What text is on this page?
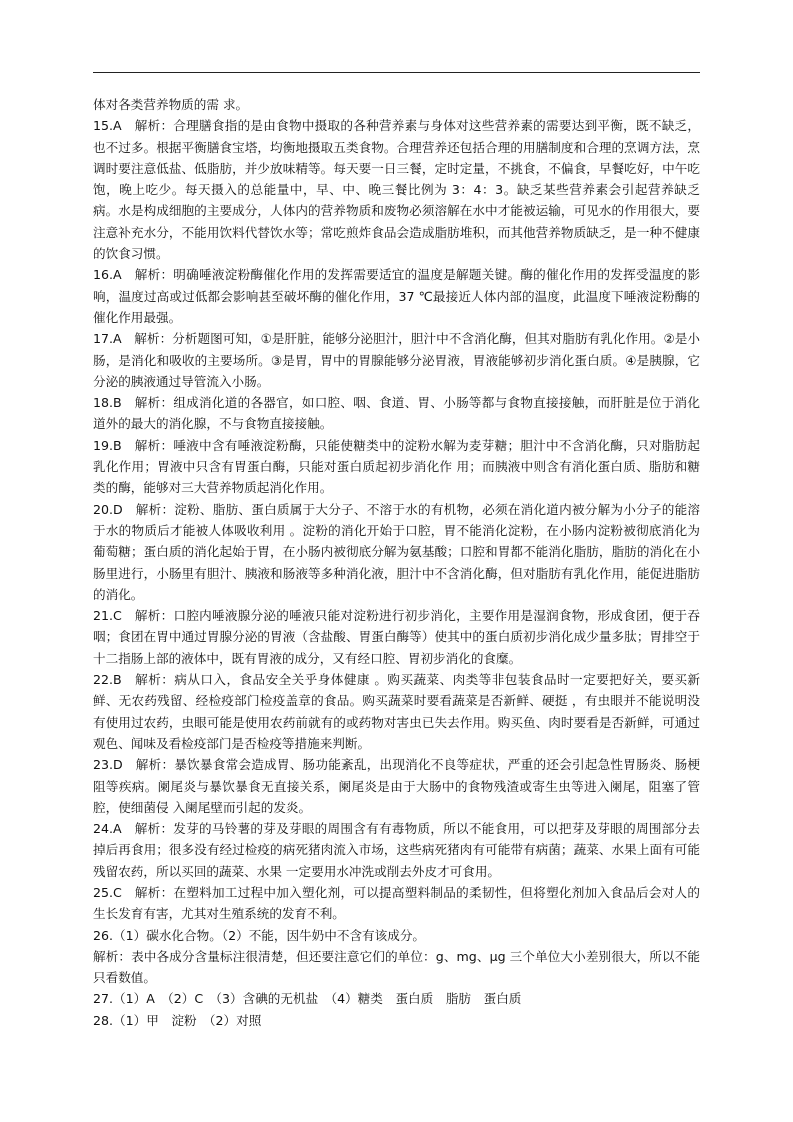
体对各类营养物质的需 求。

15.A　解析：合理膳食指的是由食物中摄取的各种营养素与身体对这些营养素的需要达到平衡，既不缺乏，也不过多。根据平衡膳食宝塔，均衡地摄取五类食物。合理营养还包括合理的用膳制度和合理的烹调方法，烹调时要注意低盐、低脂肪，并少放味精等。每天要一日三餐，定时定量，不挑食，不偏食，早餐吃好，中午吃饱，晚上吃少。每天摄入的总能量中，早、中、晚三餐比例为 3：4：3。缺乏某些营养素会引起营养缺乏病。水是构成细胞的主要成分，人体内的营养物质和废物必须溶解在水中才能被运输，可见水的作用很大，要注意补充水分，不能用饮料代替饮水等；常吃煎炸食品会造成脂肪堆积，而其他营养物质缺乏，是一种不健康的饮食习惯。

16.A　解析：明确唾液淀粉酶催化作用的发挥需要适宜的温度是解题关键。酶的催化作用的发挥受温度的影响，温度过高或过低都会影响甚至破坏酶的催化作用，37 ℃最接近人体内部的温度，此温度下唾液淀粉酶的催化作用最强。

17.A　解析：分析题图可知，①是肝脏，能够分泌胆汁，胆汁中不含消化酶，但其对脂肪有乳化作用。②是小肠，是消化和吸收的主要场所。③是胃，胃中的胃腺能够分泌胃液，胃液能够初步消化蛋白质。④是胰腺，它分泌的胰液通过导管流入小肠。

18.B　解析：组成消化道的各器官，如口腔、咽、食道、胃、小肠等都与食物直接接触，而肝脏是位于消化道外的最大的消化腺，不与食物直接接触。

19.B　解析：唾液中含有唾液淀粉酶，只能使糖类中的淀粉水解为麦芽糖；胆汁中不含消化酶，只对脂肪起乳化作用；胃液中只含有胃蛋白酶，只能对蛋白质起初步消化作 用；而胰液中则含有消化蛋白质、脂肪和糖类的酶，能够对三大营养物质起消化作用。

20.D　解析：淀粉、脂肪、蛋白质属于大分子、不溶于水的有机物，必须在消化道内被分解为小分子的能溶于水的物质后才能被人体吸收利用 。淀粉的消化开始于口腔，胃不能消化淀粉，在小肠内淀粉被彻底消化为 葡萄糖；蛋白质的消化起始于胃，在小肠内被彻底分解为氨基酸；口腔和胃都不能消化脂肪，脂肪的消化在小肠里进行，小肠里有胆汁、胰液和肠液等多种消化液，胆汁中不含消化酶，但对脂肪有乳化作用，能促进脂肪的消化。

21.C　解析：口腔内唾液腺分泌的唾液只能对淀粉进行初步消化，主要作用是湿润食物，形成食团，便于吞咽；食团在胃中通过胃腺分泌的胃液（含盐酸、胃蛋白酶等）使其中的蛋白质初步消化成少量多肽；胃排空于十二指肠上部的液体中，既有胃液的成分，又有经口腔、胃初步消化的食糜。

22.B　解析：病从口入，食品安全关乎身体健康 。购买蔬菜、肉类等非包装食品时一定要把好关，要买新鲜、无农药残留、经检疫部门检疫盖章的食品。购买蔬菜时要看蔬菜是否新鲜、硬挺 ，有虫眼并不能说明没有使用过农药，虫眼可能是使用农药前就有的或药物对害虫已失去作用。购买鱼、肉时要看是否新鲜，可通过观色、闻味及看检疫部门是否检疫等措施来判断。

23.D　解析：暴饮暴食常会造成胃、肠功能紊乱，出现消化不良等症状，严重的还会引起急性胃肠炎、肠梗阻等疾病。阑尾炎与暴饮暴食无直接关系，阑尾炎是由于大肠中的食物残渣或寄生虫等进入阑尾，阻塞了管腔，使细菌侵 入阑尾壁而引起的发炎。

24.A　解析：发芽的马铃薯的芽及芽眼的周围含有有毒物质，所以不能食用，可以把芽及芽眼的周围部分去掉后再食用；很多没有经过检疫的病死猪肉流入市场，这些病死猪肉有可能带有病菌；蔬菜、水果上面有可能残留农药，所以买回的蔬菜、水果 一定要用水冲洗或削去外皮才可食用。

25.C　解析：在塑料加工过程中加入塑化剂，可以提高塑料制品的柔韧性，但将塑化剂加入食品后会对人的生长发育有害，尤其对生殖系统的发育不利。

26.（1）碳水化合物。（2）不能，因牛奶中不含有该成分。

解析：表中各成分含量标注很清楚，但还要注意它们的单位：g、mg、μg 三个单位大小差别很大，所以不能只看数值。

27.（1）A　（2）C　（3）含碘的无机盐　（4）糖类　蛋白质　脂肪　蛋白质

28.（1）甲　淀粉　（2）对照
